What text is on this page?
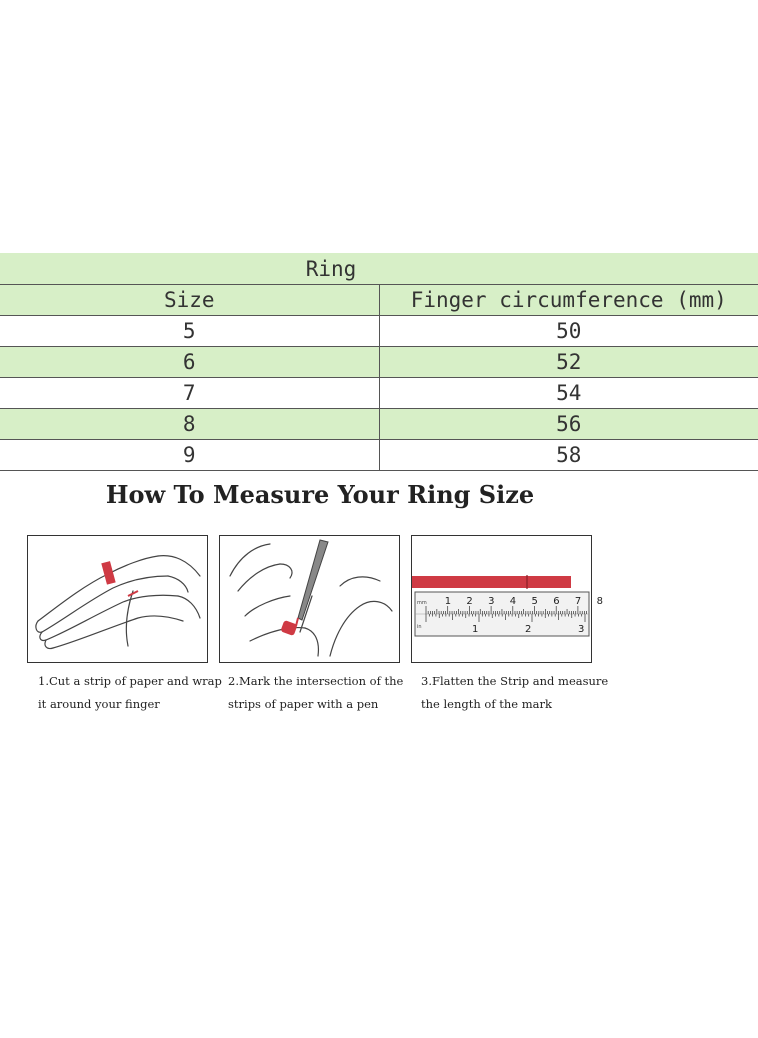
Ring	
Size	Finger circumference (mm)
5	50
6	52
7	54
8	56
9	58
How To Measure Your Ring Size
1 2 3 4 5 6 7 8
1	2	3
mm
in
1.Cut a strip of paper and wrap
it around your finger
2.Mark the intersection of the
strips of paper with a pen
3.Flatten the Strip and measure
the length of the mark
